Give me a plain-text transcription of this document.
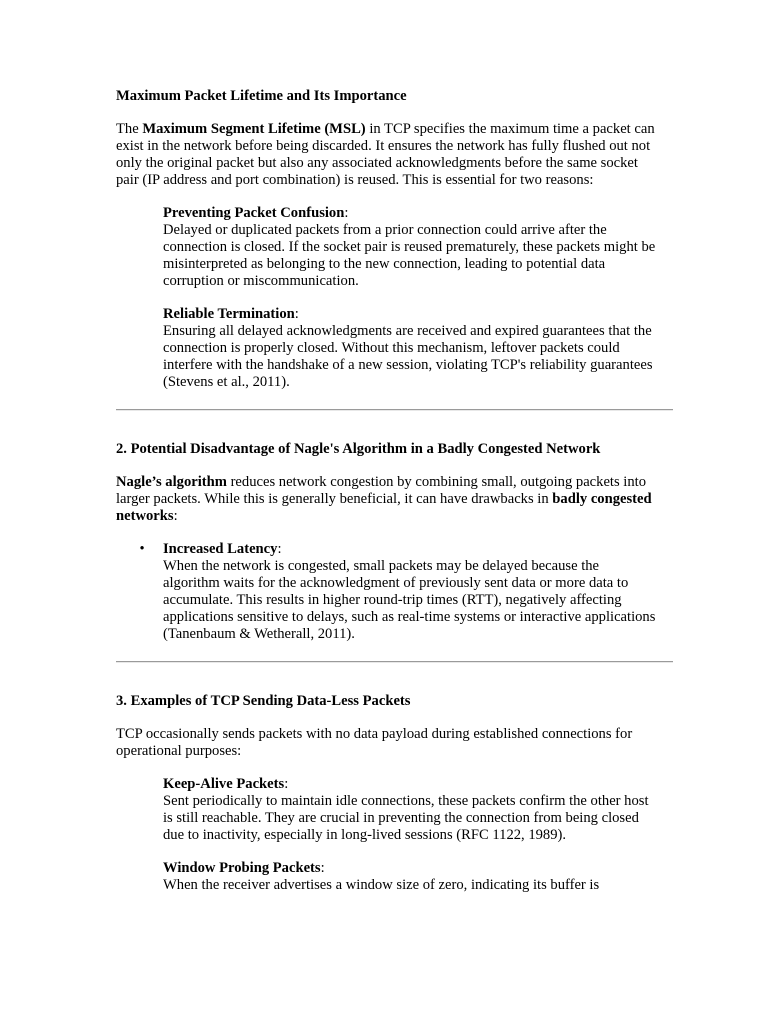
Maximum Packet Lifetime and Its Importance

The Maximum Segment Lifetime (MSL) in TCP specifies the maximum time a packet can exist in the network before being discarded. It ensures the network has fully flushed out not only the original packet but also any associated acknowledgments before the same socket pair (IP address and port combination) is reused. This is essential for two reasons:

Preventing Packet Confusion:

Delayed or duplicated packets from a prior connection could arrive after the connection is closed. If the socket pair is reused prematurely, these packets might be misinterpreted as belonging to the new connection, leading to potential data corruption or miscommunication.

Reliable Termination:

Ensuring all delayed acknowledgments are received and expired guarantees that the connection is properly closed. Without this mechanism, leftover packets could interfere with the handshake of a new session, violating TCP's reliability guarantees (Stevens et al., 2011).

2. Potential Disadvantage of Nagle's Algorithm in a Badly Congested Network

Nagle’s algorithm reduces network congestion by combining small, outgoing packets into larger packets. While this is generally beneficial, it can have drawbacks in badly congested networks:

• Increased Latency:

When the network is congested, small packets may be delayed because the algorithm waits for the acknowledgment of previously sent data or more data to accumulate. This results in higher round-trip times (RTT), negatively affecting applications sensitive to delays, such as real-time systems or interactive applications (Tanenbaum & Wetherall, 2011).

3. Examples of TCP Sending Data-Less Packets

TCP occasionally sends packets with no data payload during established connections for operational purposes:

Keep-Alive Packets:

Sent periodically to maintain idle connections, these packets confirm the other host is still reachable. They are crucial in preventing the connection from being closed due to inactivity, especially in long-lived sessions (RFC 1122, 1989).

Window Probing Packets:

When the receiver advertises a window size of zero, indicating its buffer is
